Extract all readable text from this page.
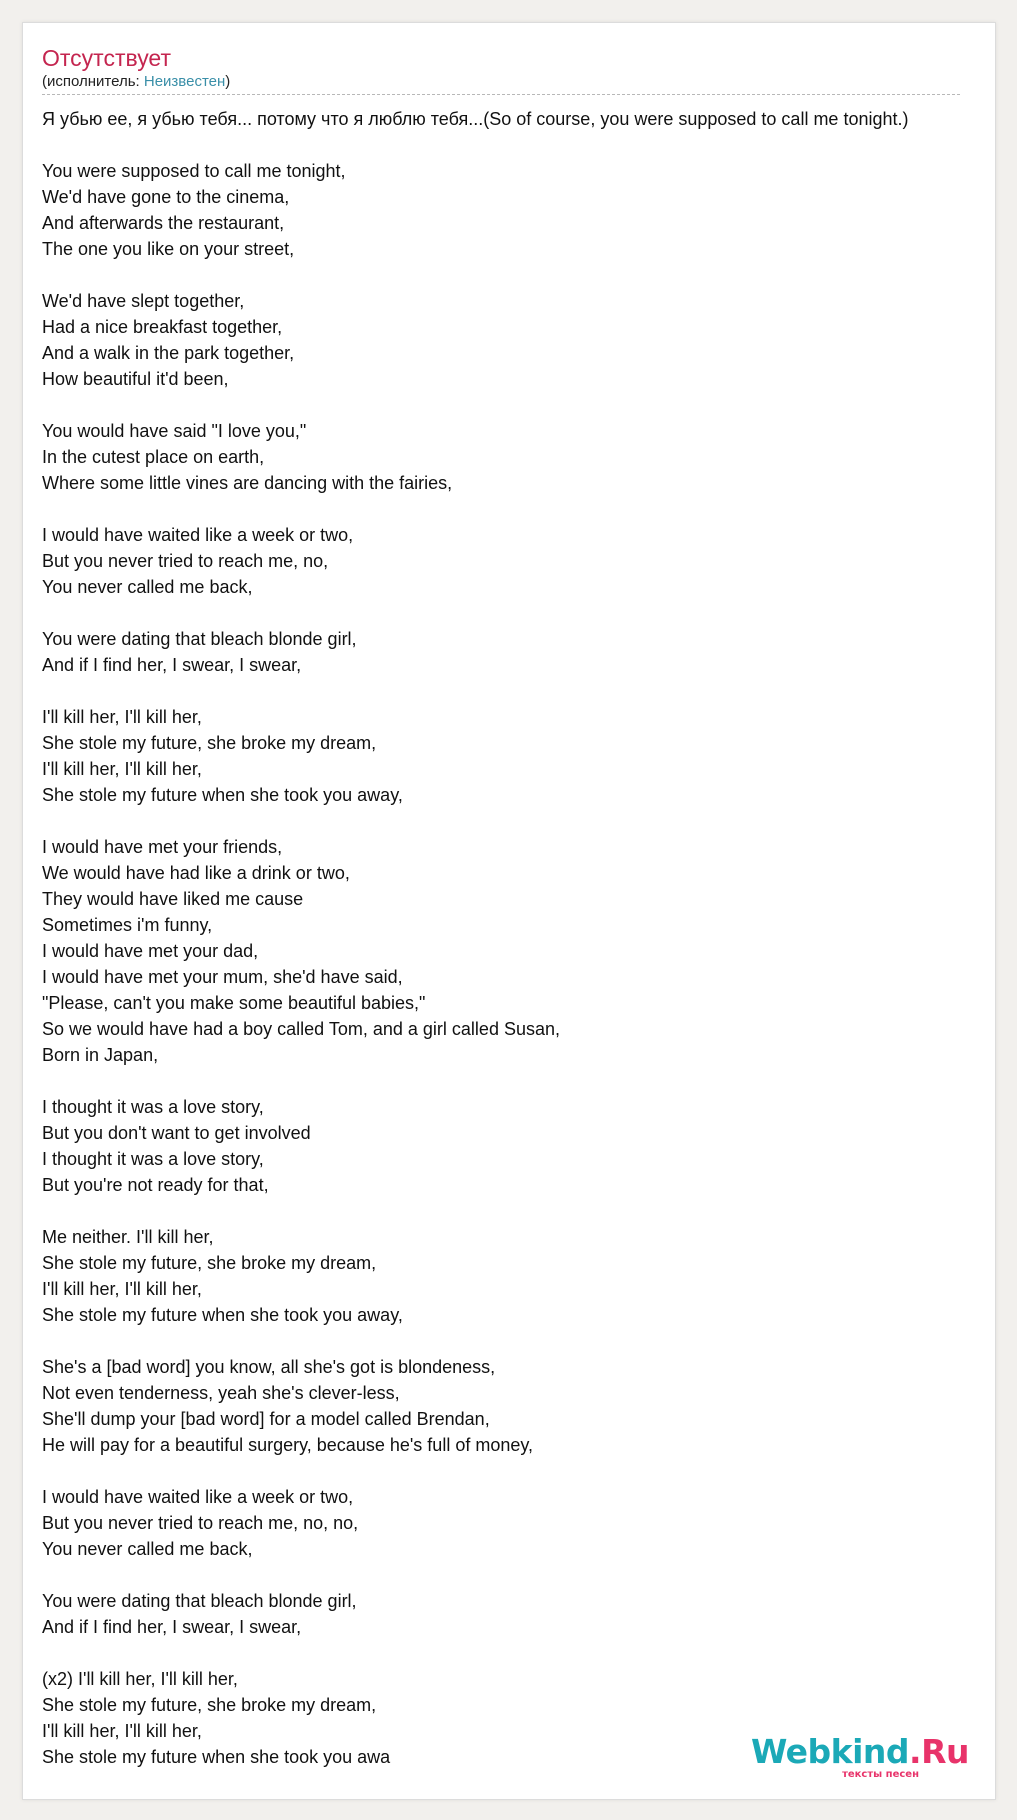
Отсутствует
(исполнитель: Неизвестен)
Я убью ее, я убью тебя... потому что я люблю тебя...(So of course, you were supposed to call me tonight.)

You were supposed to call me tonight,
We'd have gone to the cinema,
And afterwards the restaurant,
The one you like on your street,

We'd have slept together,
Had a nice breakfast together,
And a walk in the park together,
How beautiful it'd been,

You would have said "I love you,"
In the cutest place on earth,
Where some little vines are dancing with the fairies,

I would have waited like a week or two,
But you never tried to reach me, no,
You never called me back,

You were dating that bleach blonde girl,
And if I find her, I swear, I swear,

I'll kill her, I'll kill her,
She stole my future, she broke my dream,
I'll kill her, I'll kill her,
She stole my future when she took you away,

I would have met your friends,
We would have had like a drink or two,
They would have liked me cause
Sometimes i'm funny,
I would have met your dad,
I would have met your mum, she'd have said,
"Please, can't you make some beautiful babies,"
So we would have had a boy called Tom, and a girl called Susan,
Born in Japan,

I thought it was a love story,
But you don't want to get involved
I thought it was a love story,
But you're not ready for that,

Me neither. I'll kill her,
She stole my future, she broke my dream,
I'll kill her, I'll kill her,
She stole my future when she took you away,

She's a [bad word] you know, all she's got is blondeness,
Not even tenderness, yeah she's clever-less,
She'll dump your [bad word] for a model called Brendan,
He will pay for a beautiful surgery, because he's full of money,

I would have waited like a week or two,
But you never tried to reach me, no, no,
You never called me back,

You were dating that bleach blonde girl,
And if I find her, I swear, I swear,

(x2) I'll kill her, I'll kill her,
She stole my future, she broke my dream,
I'll kill her, I'll kill her,
She stole my future when she took you awa	Webkind.Ru
тексты песен
